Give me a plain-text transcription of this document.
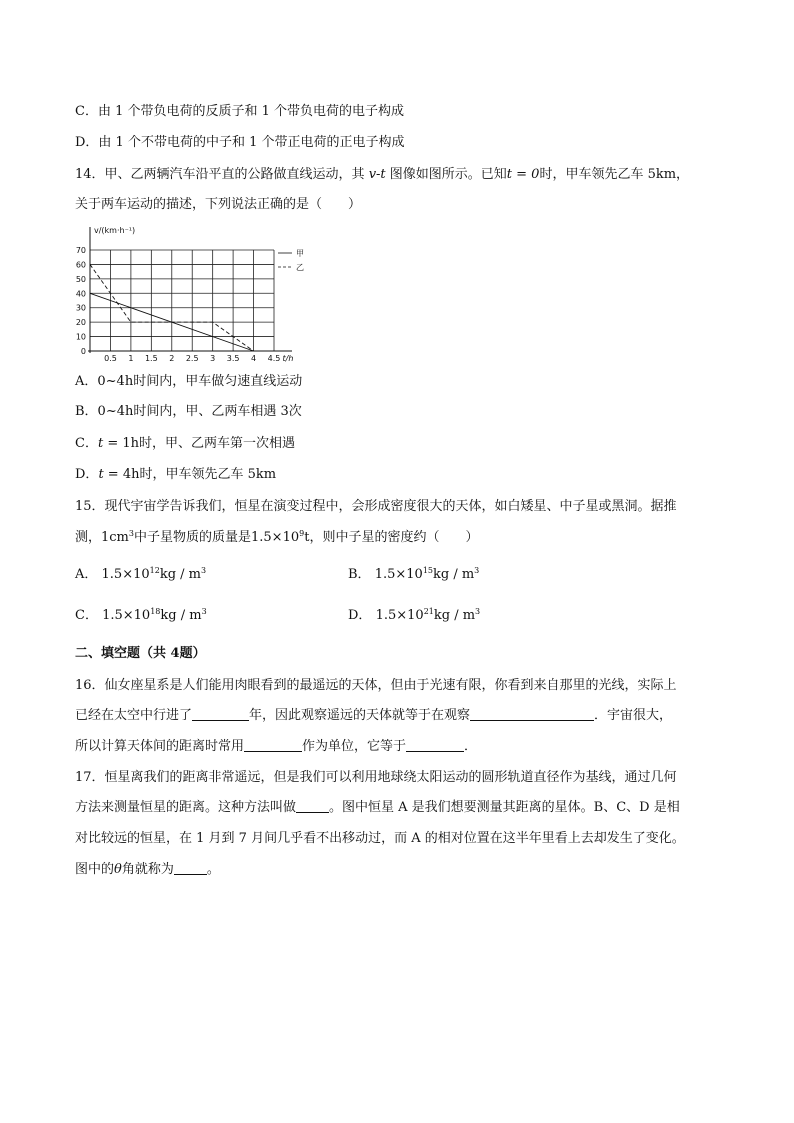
C．由 1 个带负电荷的反质子和 1 个带负电荷的电子构成
D．由 1 个不带电荷的中子和 1 个带正电荷的正电子构成
14．甲、乙两辆汽车沿平直的公路做直线运动，其 v-t 图像如图所示。已知t = 0时，甲车领先乙车 5km，
关于两车运动的描述，下列说法正确的是（　　）
0
10
20
30
40
50
60
70
0.5 1 1.5 2 2.5 3 3.5 4 4.5 t/h
v/(km·h⁻¹)
甲
乙
A．0~4h时间内，甲车做匀速直线运动
B．0~4h时间内，甲、乙两车相遇 3次
C．t = 1h时，甲、乙两车第一次相遇
D．t = 4h时，甲车领先乙车 5km
15．现代宇宙学告诉我们，恒星在演变过程中，会形成密度很大的天体，如白矮星、中子星或黑洞。据推
测，$1cm^3$中子星物质的质量是$1.5\times 10^9t$，则中子星的密度约（　　）
A． $1.5\times 10^{12}kg / m^3$	B． $1.5\times 10^{15}kg / m^3$
C． $1.5\times 10^{18}kg / m^3$	D． $1.5\times 10^{21}kg / m^3$
二、填空题（共 4题）
16．仙女座星系是人们能用肉眼看到的最遥远的天体，但由于光速有限，你看到来自那里的光线，实际上
已经在太空中行进了	年，因此观察遥远的天体就等于在观察	．宇宙很大，
所以计算天体间的距离时常用	作为单位，它等于	．
17．恒星离我们的距离非常遥远，但是我们可以利用地球绕太阳运动的圆形轨道直径作为基线，通过几何
方法来测量恒星的距离。这种方法叫做	。图中恒星 A 是我们想要测量其距离的星体。B、C、D 是相
对比较远的恒星，在 1 月到 7 月间几乎看不出移动过，而 A 的相对位置在这半年里看上去却发生了变化。
图中的θ角就称为	。
